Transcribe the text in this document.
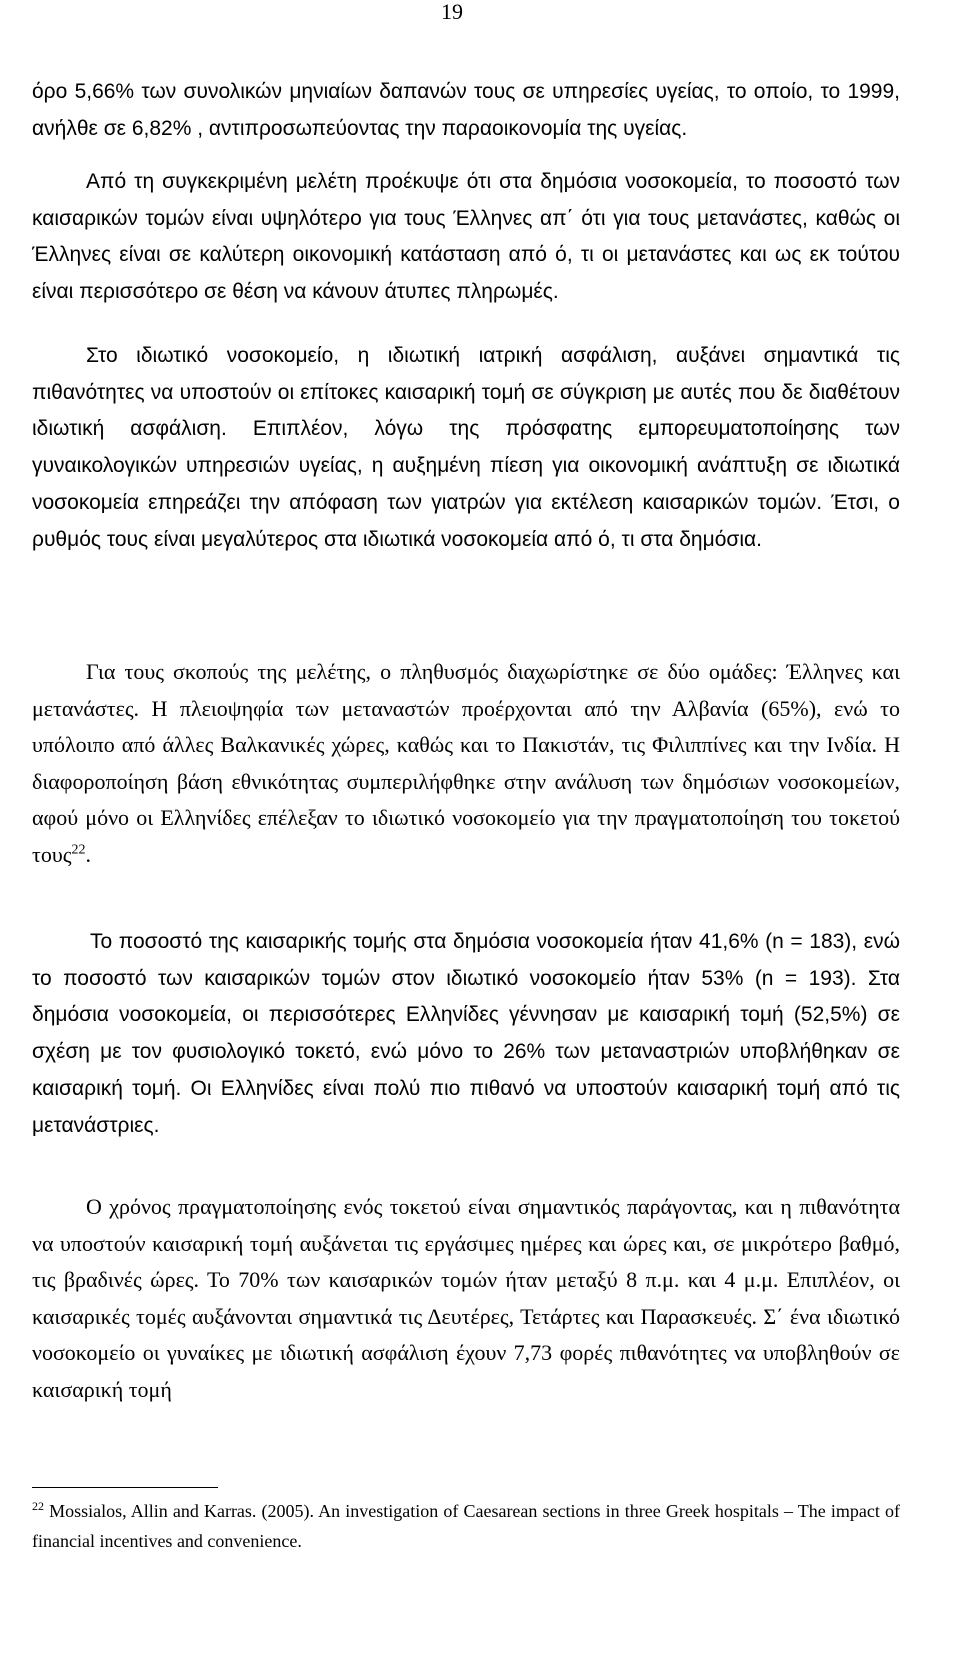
19

όρο 5,66% των συνολικών μηνιαίων δαπανών τους σε υπηρεσίες υγείας, το οποίο, το 1999, ανήλθε σε 6,82% , αντιπροσωπεύοντας την παραοικονομία της υγείας.

Από τη συγκεκριμένη μελέτη προέκυψε ότι στα δημόσια νοσοκομεία, το ποσοστό των καισαρικών τομών είναι υψηλότερο για τους Έλληνες απ΄ ότι για τους μετανάστες, καθώς οι Έλληνες είναι σε καλύτερη οικονομική κατάσταση από ό, τι οι μετανάστες και ως εκ τούτου είναι περισσότερο σε θέση να κάνουν άτυπες πληρωμές.

Στο ιδιωτικό νοσοκομείο, η ιδιωτική ιατρική ασφάλιση, αυξάνει σημαντικά τις πιθανότητες να υποστούν οι επίτοκες καισαρική τομή σε σύγκριση με αυτές που δε διαθέτουν ιδιωτική ασφάλιση. Επιπλέον, λόγω της πρόσφατης εμπορευματοποίησης των γυναικολογικών υπηρεσιών υγείας, η αυξημένη πίεση για οικονομική ανάπτυξη σε ιδιωτικά νοσοκομεία επηρεάζει την απόφαση των γιατρών για εκτέλεση καισαρικών τομών. Έτσι, ο ρυθμός τους είναι μεγαλύτερος στα ιδιωτικά νοσοκομεία από ό, τι στα δημόσια.

Για τους σκοπούς της μελέτης, ο πληθυσμός διαχωρίστηκε σε δύο ομάδες: Έλληνες και μετανάστες. Η πλειοψηφία των μεταναστών προέρχονται από την Αλβανία (65%), ενώ το υπόλοιπο από άλλες Βαλκανικές χώρες, καθώς και το Πακιστάν, τις Φιλιππίνες και την Ινδία. Η διαφοροποίηση βάση εθνικότητας συμπεριλήφθηκε στην ανάλυση των δημόσιων νοσοκομείων, αφού μόνο οι Ελληνίδες επέλεξαν το ιδιωτικό νοσοκομείο για την πραγματοποίηση του τοκετού τους$^{22}$.

Το ποσοστό της καισαρικής τομής στα δημόσια νοσοκομεία ήταν 41,6% (n = 183), ενώ το ποσοστό των καισαρικών τομών στον ιδιωτικό νοσοκομείο ήταν 53% (n = 193). Στα δημόσια νοσοκομεία, οι περισσότερες Ελληνίδες γέννησαν με καισαρική τομή (52,5%) σε σχέση με τον φυσιολογικό τοκετό, ενώ μόνο το 26% των μεταναστριών υποβλήθηκαν σε καισαρική τομή. Οι Ελληνίδες είναι πολύ πιο πιθανό να υποστούν καισαρική τομή από τις μετανάστριες.

Ο χρόνος πραγματοποίησης ενός τοκετού είναι σημαντικός παράγοντας, και η πιθανότητα να υποστούν καισαρική τομή αυξάνεται τις εργάσιμες ημέρες και ώρες και, σε μικρότερο βαθμό, τις βραδινές ώρες. Το 70% των καισαρικών τομών ήταν μεταξύ 8 π.μ. και 4 μ.μ. Επιπλέον, οι καισαρικές τομές αυξάνονται σημαντικά τις Δευτέρες, Τετάρτες και Παρασκευές. Σ΄ ένα ιδιωτικό νοσοκομείο οι γυναίκες με ιδιωτική ασφάλιση έχουν 7,73 φορές πιθανότητες να υποβληθούν σε καισαρική τομή

$^{22}$ Mossialos, Allin and Karras. (2005). An investigation of Caesarean sections in three Greek hospitals – The impact of financial incentives and convenience.
